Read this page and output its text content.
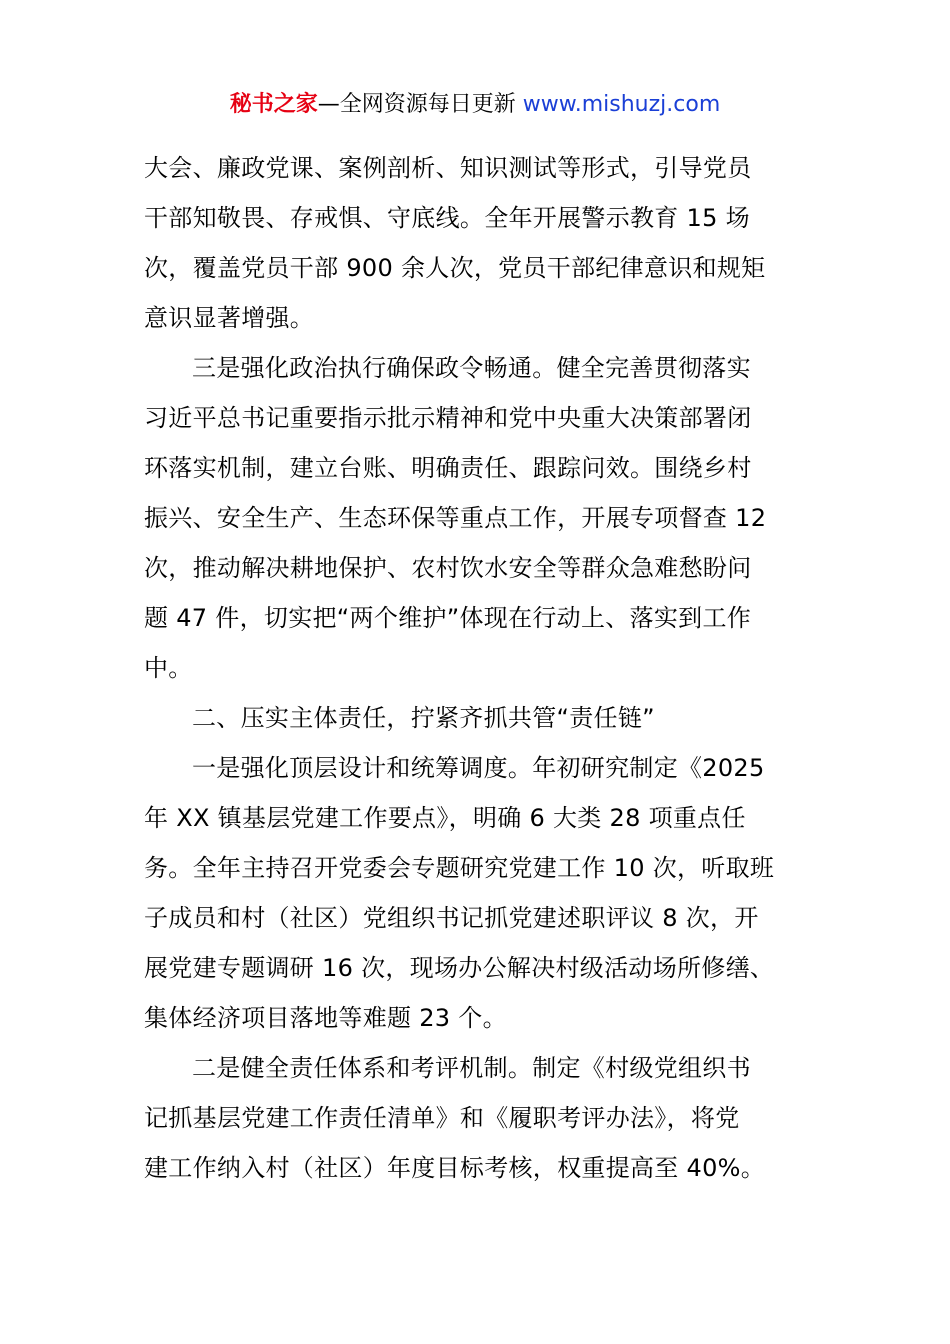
秘书之家—全网资源每日更新 www.mishuzj.com
大会、廉政党课、案例剖析、知识测试等形式，引导党员
干部知敬畏、存戒惧、守底线。全年开展警示教育 15 场
次，覆盖党员干部 900 余人次，党员干部纪律意识和规矩
意识显著增强。
三是强化政治执行确保政令畅通。健全完善贯彻落实
习近平总书记重要指示批示精神和党中央重大决策部署闭
环落实机制，建立台账、明确责任、跟踪问效。围绕乡村
振兴、安全生产、生态环保等重点工作，开展专项督查 12
次，推动解决耕地保护、农村饮水安全等群众急难愁盼问
题 47 件，切实把“两个维护”体现在行动上、落实到工作
中。
二、压实主体责任，拧紧齐抓共管“责任链”
一是强化顶层设计和统筹调度。年初研究制定《2025
年 XX 镇基层党建工作要点》，明确 6 大类 28 项重点任
务。全年主持召开党委会专题研究党建工作 10 次，听取班
子成员和村（社区）党组织书记抓党建述职评议 8 次，开
展党建专题调研 16 次，现场办公解决村级活动场所修缮、
集体经济项目落地等难题 23 个。
二是健全责任体系和考评机制。制定《村级党组织书
记抓基层党建工作责任清单》和《履职考评办法》，将党
建工作纳入村（社区）年度目标考核，权重提高至 40%。
